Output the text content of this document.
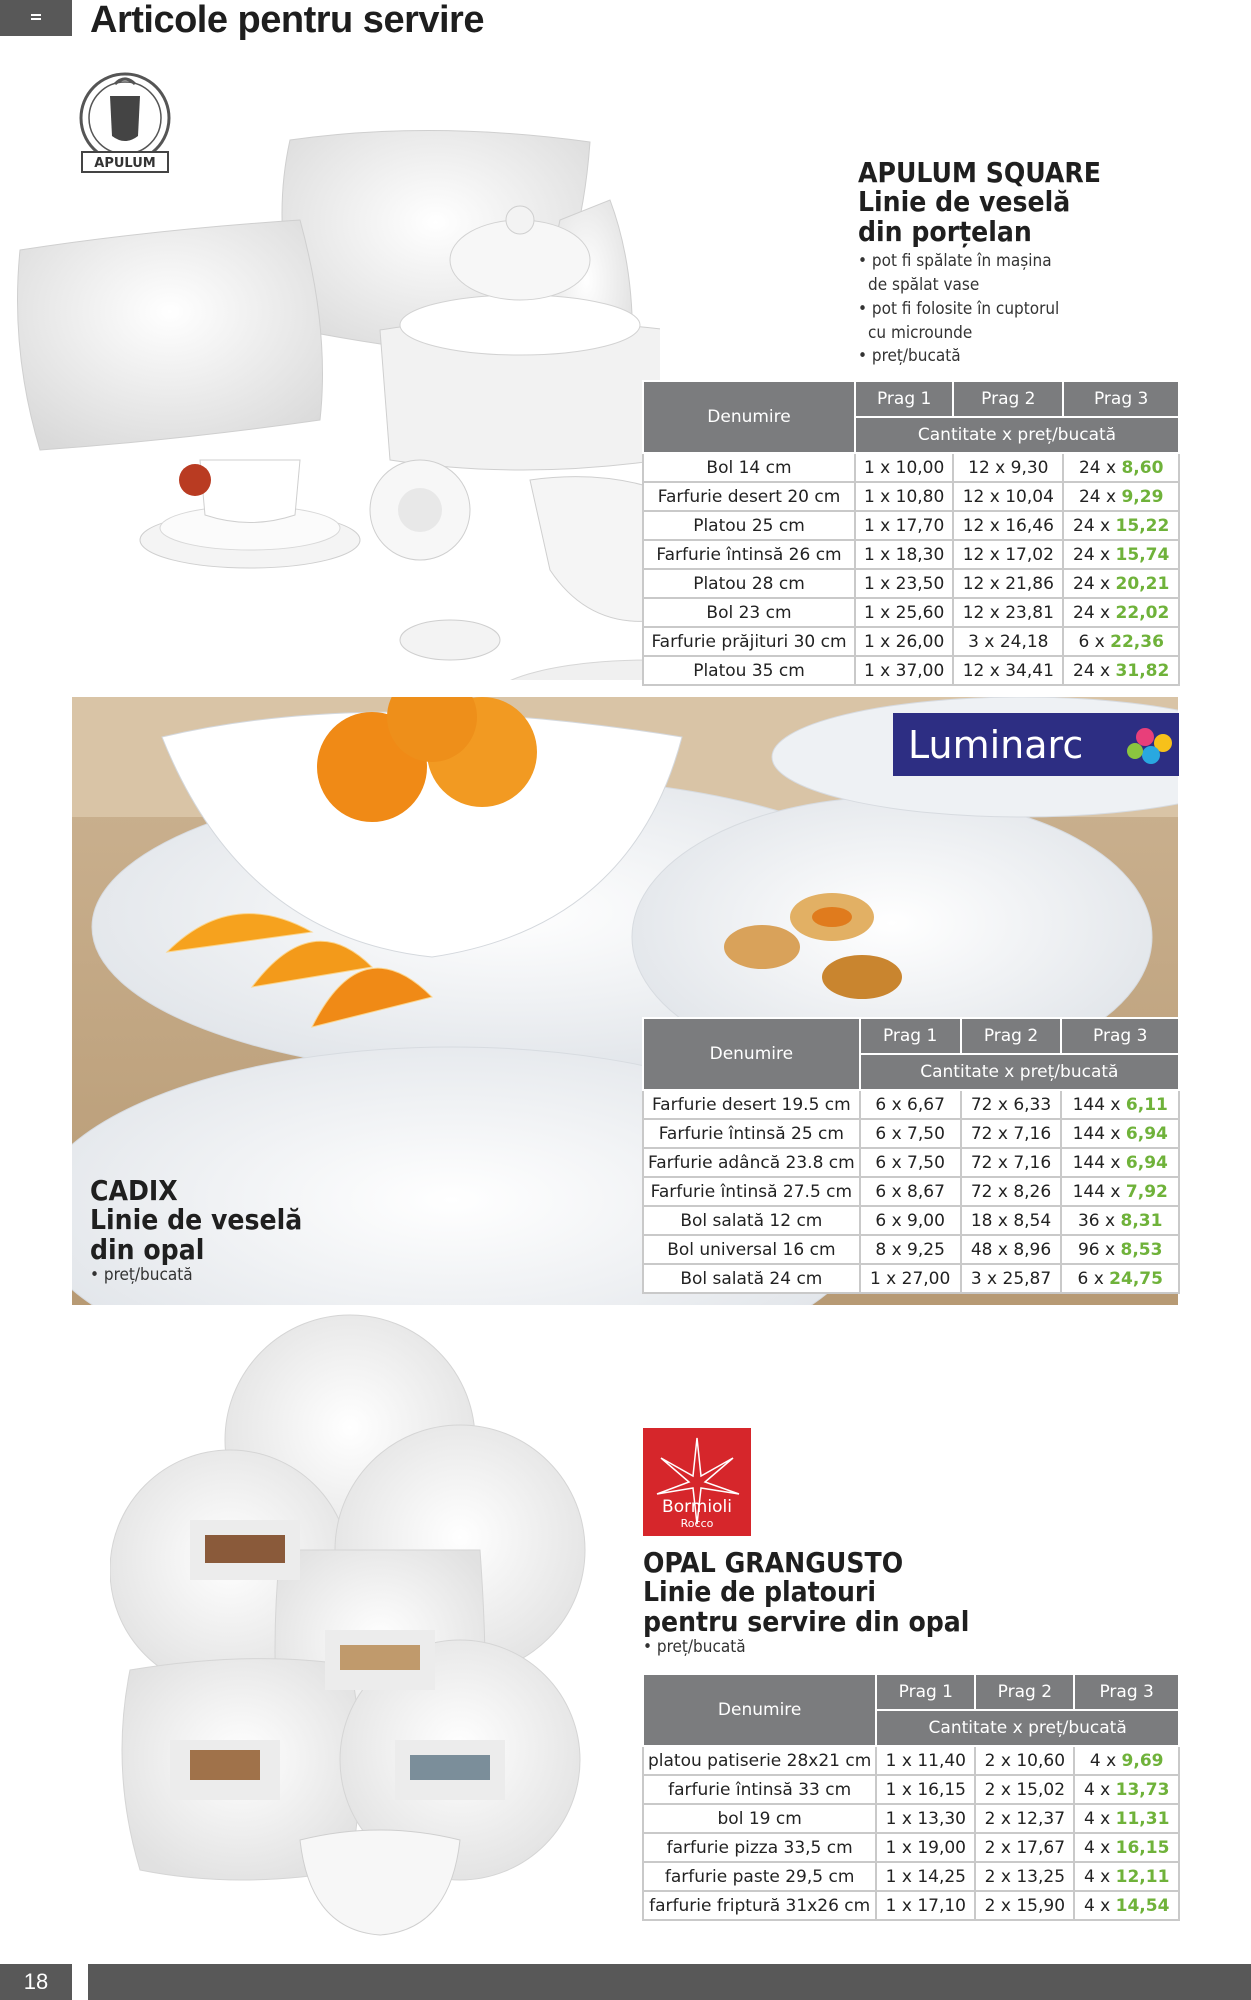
Articole pentru servire
APULUM	APULUM SQUARE
Linie de veselă
din porțelan
• pot fi spălate în mașina
de spălat vase
• pot fi folosite în cuptorul
cu microunde
• preț/bucată
Denumire	Prag 1	Prag 2	Prag 3
	Cantitate x preț/bucată		
Bol 14 cm	1 x 10,00	12 x 9,30	24 x 8,60
Farfurie desert 20 cm	1 x 10,80	12 x 10,04	24 x 9,29
Platou 25 cm	1 x 17,70	12 x 16,46	24 x 15,22
Farfurie întinsă 26 cm	1 x 18,30	12 x 17,02	24 x 15,74
Platou 28 cm	1 x 23,50	12 x 21,86	24 x 20,21
Bol 23 cm	1 x 25,60	12 x 23,81	24 x 22,02
Farfurie prăjituri 30 cm	1 x 26,00	3 x 24,18	6 x 22,36
Platou 35 cm	1 x 37,00	12 x 34,41	24 x 31,82
Luminarc
CADIX
Linie de veselă
din opal
• preț/bucată
Denumire	Prag 1	Prag 2	Prag 3
	Cantitate x preț/bucată		
Farfurie desert 19.5 cm	6 x 6,67	72 x 6,33	144 x 6,11
Farfurie întinsă 25 cm	6 x 7,50	72 x 7,16	144 x 6,94
Farfurie adâncă 23.8 cm	6 x 7,50	72 x 7,16	144 x 6,94
Farfurie întinsă 27.5 cm	6 x 8,67	72 x 8,26	144 x 7,92
Bol salată 12 cm	6 x 9,00	18 x 8,54	36 x 8,31
Bol universal 16 cm	8 x 9,25	48 x 8,96	96 x 8,53
Bol salată 24 cm	1 x 27,00	3 x 25,87	6 x 24,75
Bormioli
Rocco
OPAL GRANGUSTO
Linie de platouri
pentru servire din opal
• preț/bucată
Denumire	Prag 1	Prag 2	Prag 3
	Cantitate x preț/bucată		
platou patiserie 28x21 cm	1 x 11,40	2 x 10,60	4 x 9,69
farfurie întinsă 33 cm	1 x 16,15	2 x 15,02	4 x 13,73
bol 19 cm	1 x 13,30	2 x 12,37	4 x 11,31
farfurie pizza 33,5 cm	1 x 19,00	2 x 17,67	4 x 16,15
farfurie paste 29,5 cm	1 x 14,25	2 x 13,25	4 x 12,11
farfurie friptură 31x26 cm	1 x 17,10	2 x 15,90	4 x 14,54
18
